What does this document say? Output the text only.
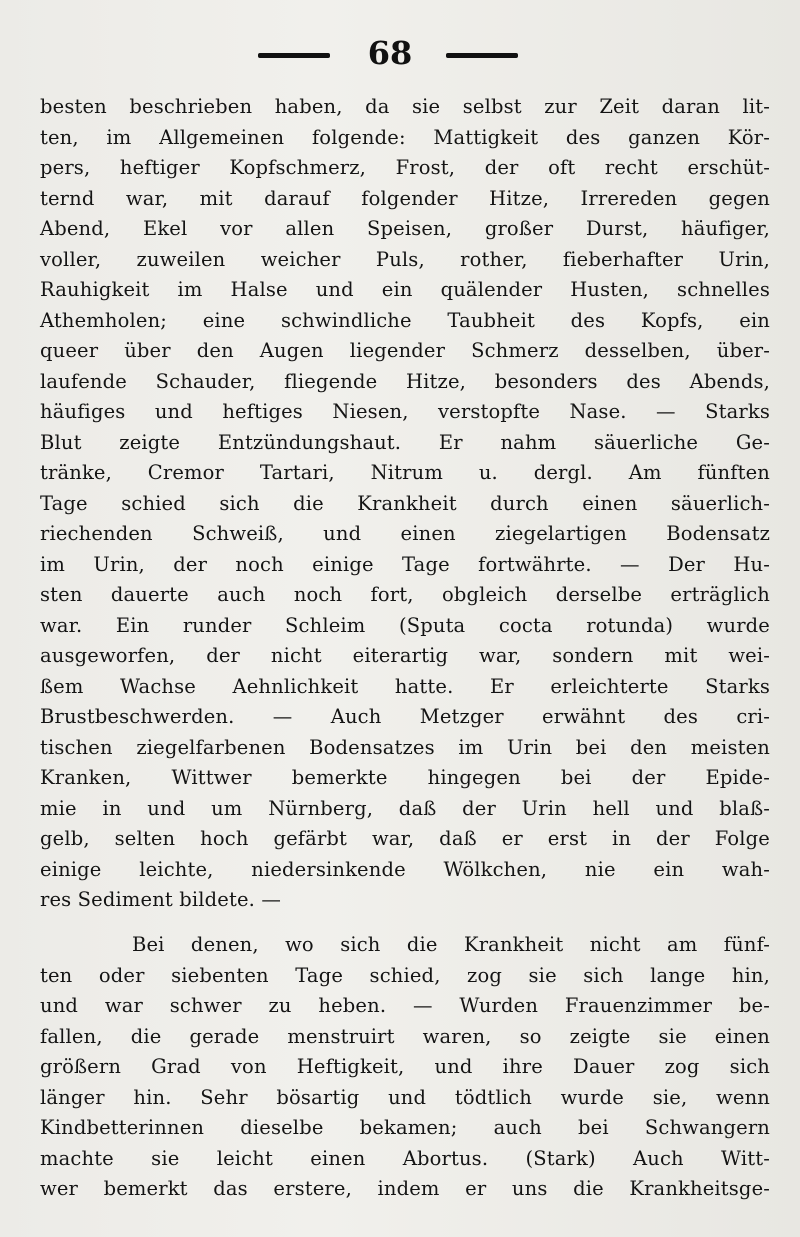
68
besten beschrieben haben, da sie selbst zur Zeit daran lit-
ten, im Allgemeinen folgende: Mattigkeit des ganzen Kör-
pers, heftiger Kopfschmerz, Frost, der oft recht erschüt-
ternd war, mit darauf folgender Hitze, Irrereden gegen
Abend, Ekel vor allen Speisen, großer Durst, häufiger,
voller, zuweilen weicher Puls, rother, fieberhafter Urin,
Rauhigkeit im Halse und ein quälender Husten, schnelles
Athemholen; eine schwindliche Taubheit des Kopfs, ein
queer über den Augen liegender Schmerz desselben, über-
laufende Schauder, fliegende Hitze, besonders des Abends,
häufiges und heftiges Niesen, verstopfte Nase. — Starks
Blut zeigte Entzündungshaut. Er nahm säuerliche Ge-
tränke, Cremor Tartari, Nitrum u. dergl. Am fünften
Tage schied sich die Krankheit durch einen säuerlich-
riechenden Schweiß, und einen ziegelartigen Bodensatz
im Urin, der noch einige Tage fortwährte. — Der Hu-
sten dauerte auch noch fort, obgleich derselbe erträglich
war. Ein runder Schleim (Sputa cocta rotunda) wurde
ausgeworfen, der nicht eiterartig war, sondern mit wei-
ßem Wachse Aehnlichkeit hatte. Er erleichterte Starks
Brustbeschwerden. — Auch Metzger erwähnt des cri-
tischen ziegelfarbenen Bodensatzes im Urin bei den meisten
Kranken, Wittwer bemerkte hingegen bei der Epide-
mie in und um Nürnberg, daß der Urin hell und blaß-
gelb, selten hoch gefärbt war, daß er erst in der Folge
einige leichte, niedersinkende Wölkchen, nie ein wah-
res Sediment bildete. —
Bei denen, wo sich die Krankheit nicht am fünf-
ten oder siebenten Tage schied, zog sie sich lange hin,
und war schwer zu heben. — Wurden Frauenzimmer be-
fallen, die gerade menstruirt waren, so zeigte sie einen
größern Grad von Heftigkeit, und ihre Dauer zog sich
länger hin. Sehr bösartig und tödtlich wurde sie, wenn
Kindbetterinnen dieselbe bekamen; auch bei Schwangern
machte sie leicht einen Abortus. (Stark) Auch Witt-
wer bemerkt das erstere, indem er uns die Krankheitsge-
